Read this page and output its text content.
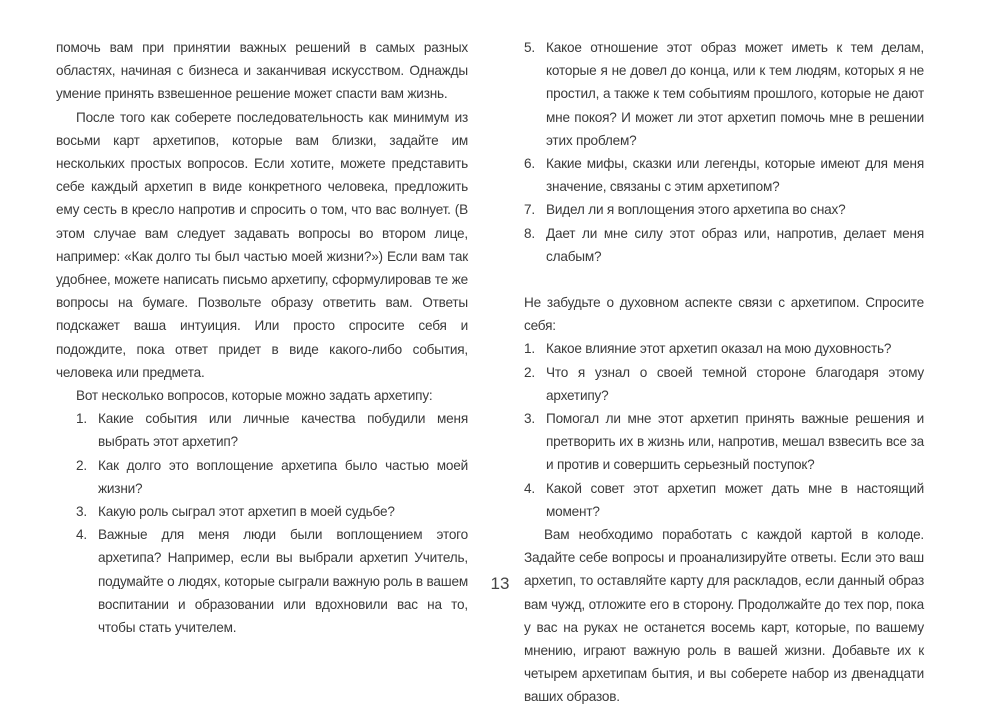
помочь вам при принятии важных решений в самых разных областях, начиная с бизнеса и заканчивая искусством. Однажды умение принять взвешенное решение может спасти вам жизнь.

После того как соберете последовательность как минимум из восьми карт архетипов, которые вам близки, задайте им нескольких простых вопросов. Если хотите, можете представить себе каждый архетип в виде конкретного человека, предложить ему сесть в кресло напротив и спросить о том, что вас волнует. (В этом случае вам следует задавать вопросы во втором лице, например: «Как долго ты был частью моей жизни?») Если вам так удобнее, можете написать письмо архетипу, сформулировав те же вопросы на бумаге. Позвольте образу ответить вам. Ответы подскажет ваша интуиция. Или просто спросите себя и подождите, пока ответ придет в виде какого-либо события, человека или предмета.

Вот несколько вопросов, которые можно задать архетипу:

1. Какие события или личные качества побудили меня выбрать этот архетип?
2. Как долго это воплощение архетипа было частью моей жизни?
3. Какую роль сыграл этот архетип в моей судьбе?
4. Важные для меня люди были воплощением этого архетипа? Например, если вы выбрали архетип Учитель, подумайте о людях, которые сыграли важную роль в вашем воспитании и образовании или вдохновили вас на то, чтобы стать учителем.
5. Какое отношение этот образ может иметь к тем делам, которые я не довел до конца, или к тем людям, которых я не простил, а также к тем событиям прошлого, которые не дают мне покоя? И может ли этот архетип помочь мне в решении этих проблем?
6. Какие мифы, сказки или легенды, которые имеют для меня значение, связаны с этим архетипом?
7. Видел ли я воплощения этого архетипа во снах?
8. Дает ли мне силу этот образ или, напротив, делает меня слабым?

Не забудьте о духовном аспекте связи с архетипом. Спросите себя:

1. Какое влияние этот архетип оказал на мою духовность?
2. Что я узнал о своей темной стороне благодаря этому архетипу?
3. Помогал ли мне этот архетип принять важные решения и претворить их в жизнь или, напротив, мешал взвесить все за и против и совершить серьезный поступок?
4. Какой совет этот архетип может дать мне в настоящий момент?

Вам необходимо поработать с каждой картой в колоде. Задайте себе вопросы и проанализируйте ответы. Если это ваш архетип, то оставляйте карту для раскладов, если данный образ вам чужд, отложите его в сторону. Продолжайте до тех пор, пока у вас на руках не останется восемь карт, которые, по вашему мнению, играют важную роль в вашей жизни. Добавьте их к четырем архетипам бытия, и вы соберете набор из двенадцати ваших образов.

13
